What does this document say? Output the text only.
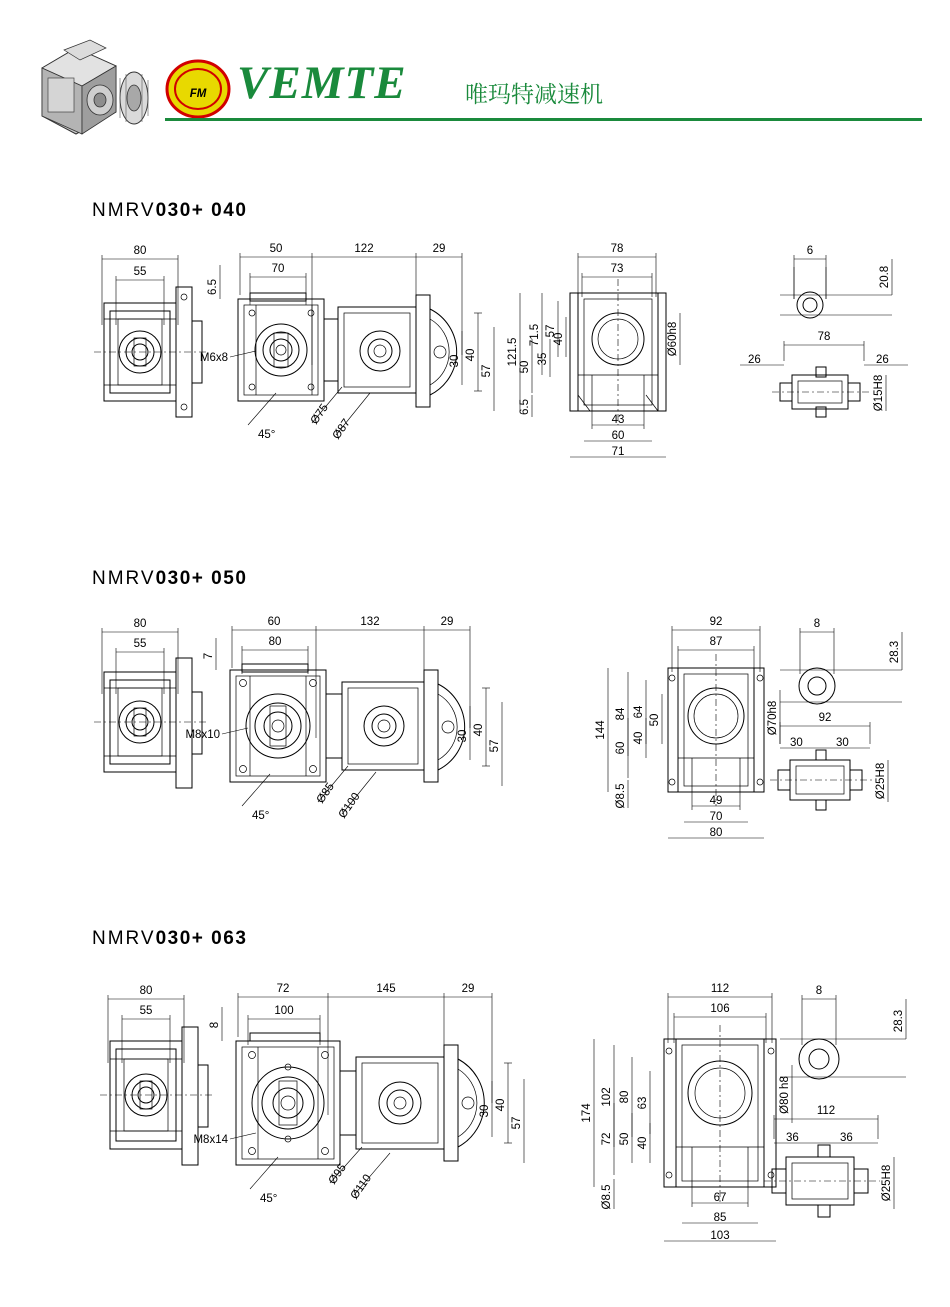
FM VEMTE	唯玛特减速机
NMRV030+ 040
80
55
50	122	29
70
6.5
40
30
57
M6x8
45°
Ø75
Ø87
78
73
Ø60h8
121.5
71.5 57
50
35
40
6.5
43
60
71
6
20.8
78
26	26
Ø15H8
NMRV030+ 050
80
55
60	132	29
80
7
40
30
57
M8x10
45°
Ø85 Ø100
92
87
Ø70h8
144
84 64
50
60
40
Ø8.5	49
70
80
8
28.3
92
30	30
Ø25H8
NMRV030+ 063
80
55
72	145	29
100
8
40
30
57
M8x14
45°
Ø95 Ø110
112
106
Ø80 h8
174
102 80 63
72 50 40
Ø8.5	67
85
103
8
28.3
112
36	36
Ø25H8
